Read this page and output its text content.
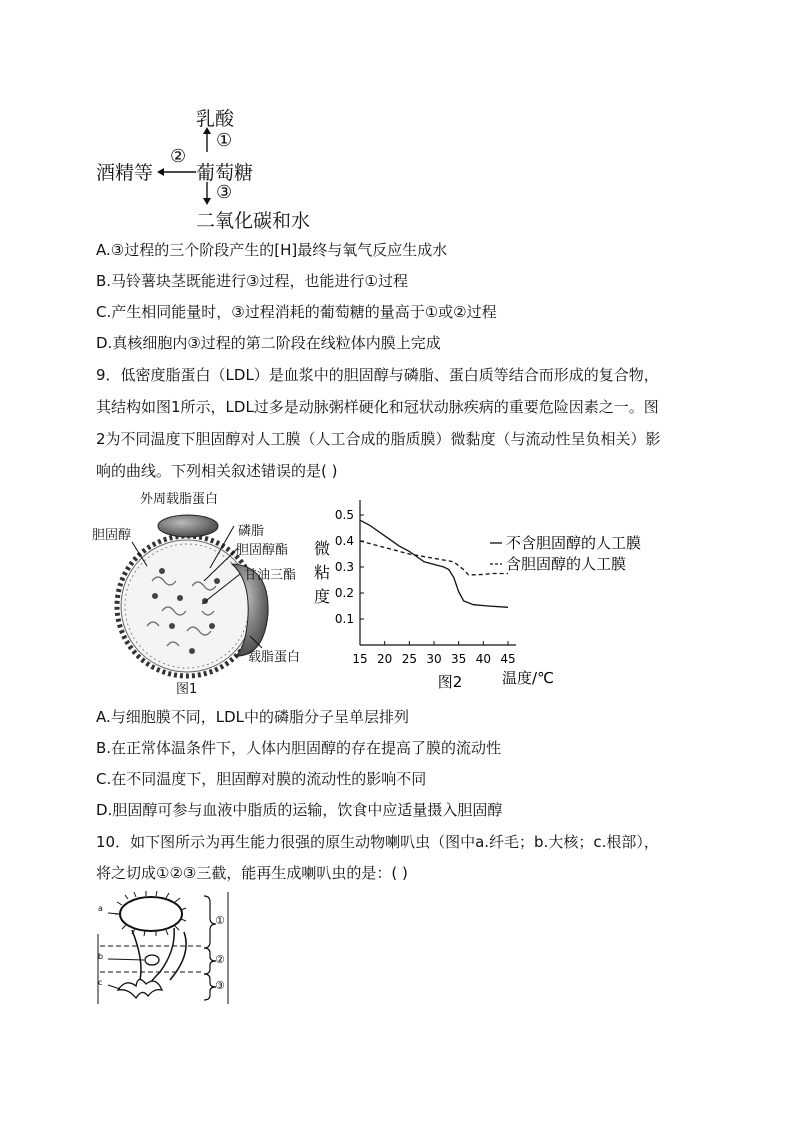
乳酸
①
②
酒精等 葡萄糖
③
二氧化碳和水
A.③过程的三个阶段产生的[H]最终与氧气反应生成水
B.马铃薯块茎既能进行③过程，也能进行①过程
C.产生相同能量时，③过程消耗的葡萄糖的量高于①或②过程
D.真核细胞内③过程的第二阶段在线粒体内膜上完成
9．低密度脂蛋白（LDL）是血浆中的胆固醇与磷脂、蛋白质等结合而形成的复合物，
其结构如图1所示，LDL过多是动脉粥样硬化和冠状动脉疾病的重要危险因素之一。图
2为不同温度下胆固醇对人工膜（人工合成的脂质膜）微黏度（与流动性呈负相关）影
响的曲线。下列相关叙述错误的是( )
外周载脂蛋白
胆固醇	磷脂
胆固醇酯
甘油三酯
载脂蛋白
图1
0.1
0.2
0.3
0.4
0.5
15 20 25 30 35 40 45
微
粘
度
温度/℃
图2
不含胆固醇的人工膜
含胆固醇的人工膜
A.与细胞膜不同，LDL中的磷脂分子呈单层排列
B.在正常体温条件下，人体内胆固醇的存在提高了膜的流动性
C.在不同温度下，胆固醇对膜的流动性的影响不同
D.胆固醇可参与血液中脂质的运输，饮食中应适量摄入胆固醇
10．如下图所示为再生能力很强的原生动物喇叭虫（图中a.纤毛；b.大核；c.根部），
将之切成①②③三截，能再生成喇叭虫的是：( )
a
b
c
①
②
③
